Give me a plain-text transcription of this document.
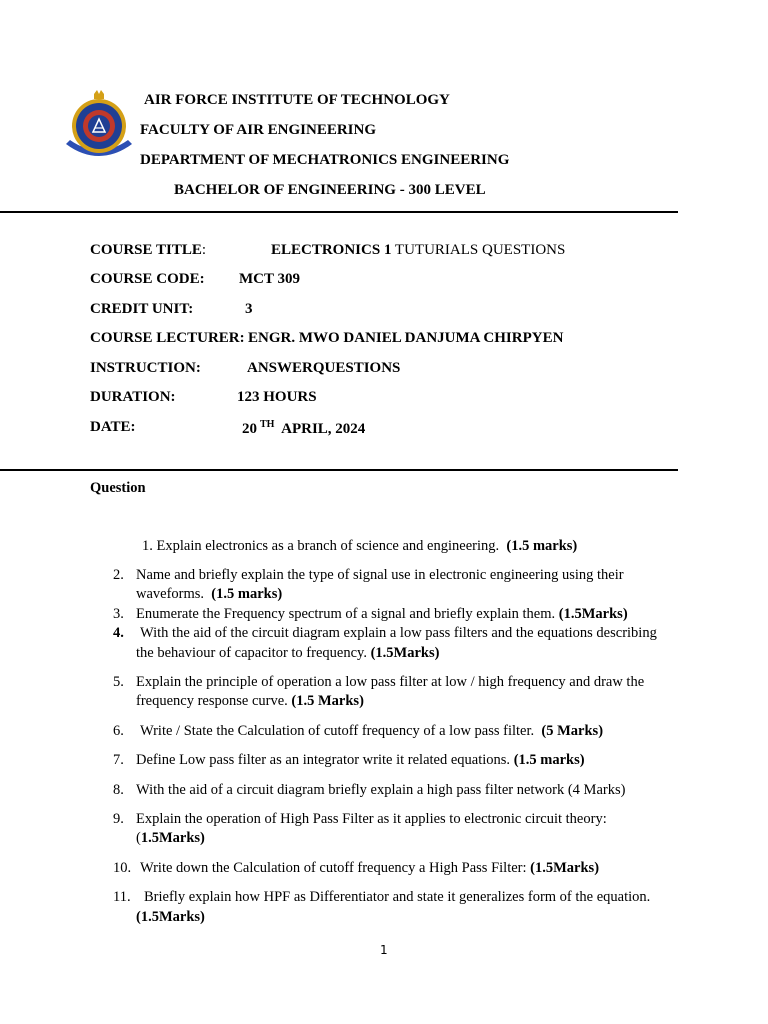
AIR FORCE INSTITUTE OF TECHNOLOGY
FACULTY OF AIR ENGINEERING
DEPARTMENT OF MECHATRONICS ENGINEERING
BACHELOR OF ENGINEERING - 300 LEVEL
COURSE TITLE:	ELECTRONICS 1 TUTURIALS QUESTIONS
COURSE CODE: MCT 309
CREDIT UNIT:	3
COURSE LECTURER: ENGR. MWO DANIEL DANJUMA CHIRPYEN
INSTRUCTION:	ANSWERQUESTIONS
DURATION:	123 HOURS
DATE:	20 $^{TH}$ APRIL, 2024
Question
1. Explain electronics as a branch of science and engineering. (1.5 marks)
2. Name and briefly explain the type of signal use in electronic engineering using their
waveforms. (1.5 marks)
3. Enumerate the Frequency spectrum of a signal and briefly explain them. (1.5Marks)
4. With the aid of the circuit diagram explain a low pass filters and the equations describing
the behaviour of capacitor to frequency. (1.5Marks)
5. Explain the principle of operation a low pass filter at low / high frequency and draw the
frequency response curve. (1.5 Marks)
6. Write / State the Calculation of cutoff frequency of a low pass filter. (5 Marks)
7. Define Low pass filter as an integrator write it related equations. (1.5 marks)
8. With the aid of a circuit diagram briefly explain a high pass filter network (4 Marks)
9. Explain the operation of High Pass Filter as it applies to electronic circuit theory:
(1.5Marks)
10. Write down the Calculation of cutoff frequency a High Pass Filter: (1.5Marks)
11. Briefly explain how HPF as Differentiator and state it generalizes form of the equation.
(1.5Marks)
1
